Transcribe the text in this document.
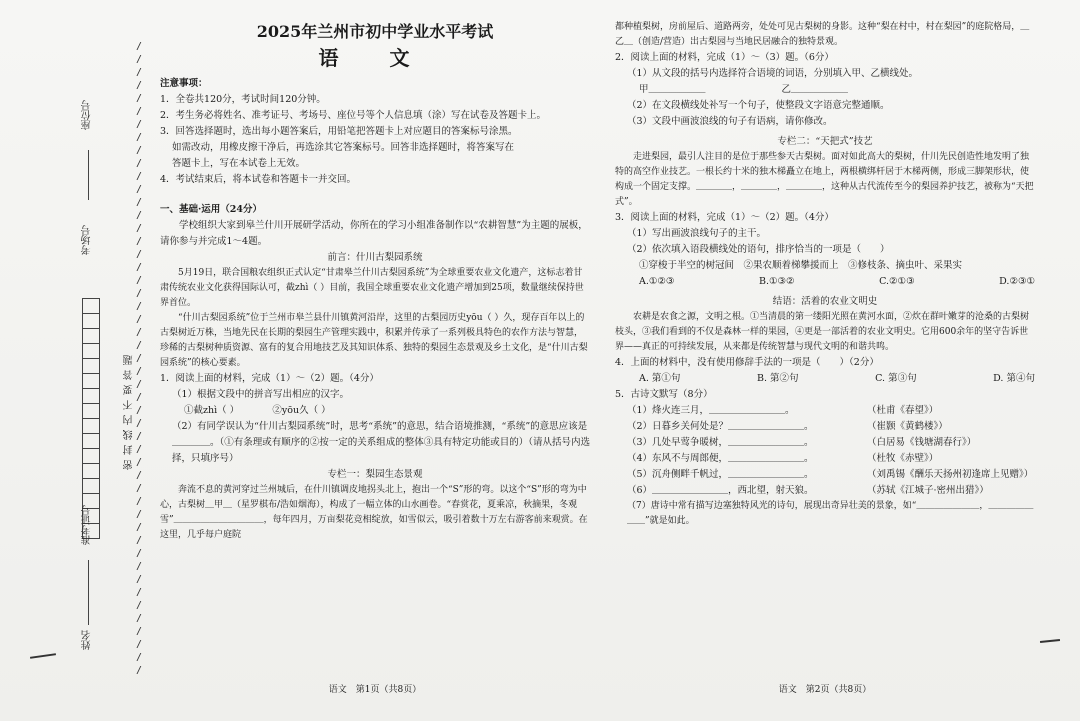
座位号
考场号
准考证号
姓名
密封线内不要答题
/
/
/
/
/
/
/
/
/
/
/
/
/
/
/
/
/
/
/
/
/
/
/
/
/
/
/
/
/
/
/
/
/
/
/
/
/
/
/
/
/
/
/
/
/
/
/
/
/
2025年兰州市初中学业水平考试
语 文
注意事项：

1．全卷共120分，考试时间120分钟。

2．考生务必将姓名、准考证号、考场号、座位号等个人信息填（涂）写在试卷及答题卡上。

3．回答选择题时，选出每小题答案后，用铅笔把答题卡上对应题目的答案标号涂黑。

如需改动，用橡皮擦干净后，再选涂其它答案标号。回答非选择题时，将答案写在

答题卡上，写在本试卷上无效。

4．考试结束后，将本试卷和答题卡一并交回。

一、基础·运用（24分）

学校组织大家到皋兰什川开展研学活动，你所在的学习小组准备制作以“农耕智慧”为主题的展板，请你参与并完成1～4题。

前言：什川古梨园系统

5月19日，联合国粮农组织正式认定“甘肃皋兰什川古梨园系统”为全球重要农业文化遗产，这标志着甘肃传统农业文化获得国际认可，截zhì（ ）目前，我国全球重要农业文化遗产增加到25项，数量继续保持世界首位。

“什川古梨园系统”位于兰州市皋兰县什川镇黄河沿岸，这里的古梨园历史yōu（ ）久，现存百年以上的古梨树近万株，当地先民在长期的梨园生产管理实践中，积累并传承了一系列极具特色的农作方法与智慧，珍稀的古梨树种质资源、富有的复合用地技艺及其知识体系、独特的梨园生态景观及乡土文化，是“什川古梨园系统”的核心要素。

1．阅读上面的材料，完成（1）～（2）题。（4分）

（1）根据文段中的拼音写出相应的汉字。

①截zhì（ ）　　　　②yōu久（ ）

（2）有同学误认为“什川古梨园系统”时，思考“系统”的意思，结合语境推测，“系统”的意思应该是＿＿＿＿。（①有条理或有顺序的②按一定的关系组成的整体③具有特定功能或目的）（请从括号内选择，只填序号）

专栏一：梨园生态景观

奔流不息的黄河穿过兰州城后，在什川镇调皮地拐头北上，抱出一个“S”形的弯。以这个“S”形的弯为中心，古梨树＿甲＿（星罗棋布/浩如烟海），构成了一幅立体的山水画卷。“春赏花，夏乘凉，秋摘果，冬观雪”＿＿＿＿＿＿＿＿＿＿，每年四月，万亩梨花竞相绽放，如雪似云，吸引着数十万左右游客前来观赏。在这里，几乎每户庭院

语文　第1页（共8页）

都种植梨树，房前屋后、道路两旁，处处可见古梨树的身影。这种“梨在村中，村在梨园”的庭院格局，＿乙＿（创造/营造）出古梨园与当地民居融合的独特景观。

2．阅读上面的材料，完成（1）～（3）题。（6分）

（1）从文段的括号内选择符合语境的词语，分别填入甲、乙横线处。

甲＿＿＿＿＿＿　　　　　　　　乙＿＿＿＿＿＿

（2）在文段横线处补写一个句子，使整段文字语意完整通顺。

（3）文段中画波浪线的句子有语病，请你修改。

专栏二：“天把式”技艺

走进梨园，最引人注目的是位于那些参天古梨树。面对如此高大的梨树，什川先民创造性地发明了独特的高空作业技艺。一根长约十米的独木梯矗立在地上，两根横绑杆居于木梯两侧，形成三脚架形状，使构成一个固定支撑。＿＿＿＿，＿＿＿＿，＿＿＿＿，这种从古代流传至今的梨园养护技艺，被称为“天把式”。

3．阅读上面的材料，完成（1）～（2）题。（4分）

（1）写出画波浪线句子的主干。

（2）依次填入语段横线处的语句，排序恰当的一项是（　　）

①穿梭于半空的树冠间　②果农顺着梯攀援而上　③修枝条、摘虫叶、采果实

A.①②③	B.①③②	C.②①③	D.②③①

结语：活着的农业文明史

农耕是农食之源，文明之根。①当清晨的第一缕阳光照在黄河水面，②炊在群叶嫩芽的沧桑的古梨树枝头，③我们看到的不仅是森林一样的果园，④更是一部活着的农业文明史。它用600余年的坚守告诉世界——真正的可持续发展，从来都是传统智慧与现代文明的和谐共鸣。

4．上面的材料中，没有使用修辞手法的一项是（　　）（2分）

A. 第①句	B. 第②句	C. 第③句	D. 第④句

5．古诗文默写（8分）

（1）烽火连三月，＿＿＿＿＿＿＿＿。	（杜甫《春望》）
（2）日暮乡关何处是？＿＿＿＿＿＿＿＿。	（崔颢《黄鹤楼》）
（3）几处早莺争暖树，＿＿＿＿＿＿＿＿。	（白居易《钱塘湖春行》）
（4）东风不与周郎便，＿＿＿＿＿＿＿＿。	（杜牧《赤壁》）
（5）沉舟侧畔千帆过，＿＿＿＿＿＿＿＿。	（刘禹锡《酬乐天扬州初逢席上见赠》）
（6）＿＿＿＿＿＿＿＿，西北望，射天狼。	（苏轼《江城子·密州出猎》）

（7）唐诗中常有描写边塞独特风光的诗句，展现出奇异壮美的景象，如“＿＿＿＿＿＿＿，＿＿＿＿＿＿＿”就是如此。

语文　第2页（共8页）
